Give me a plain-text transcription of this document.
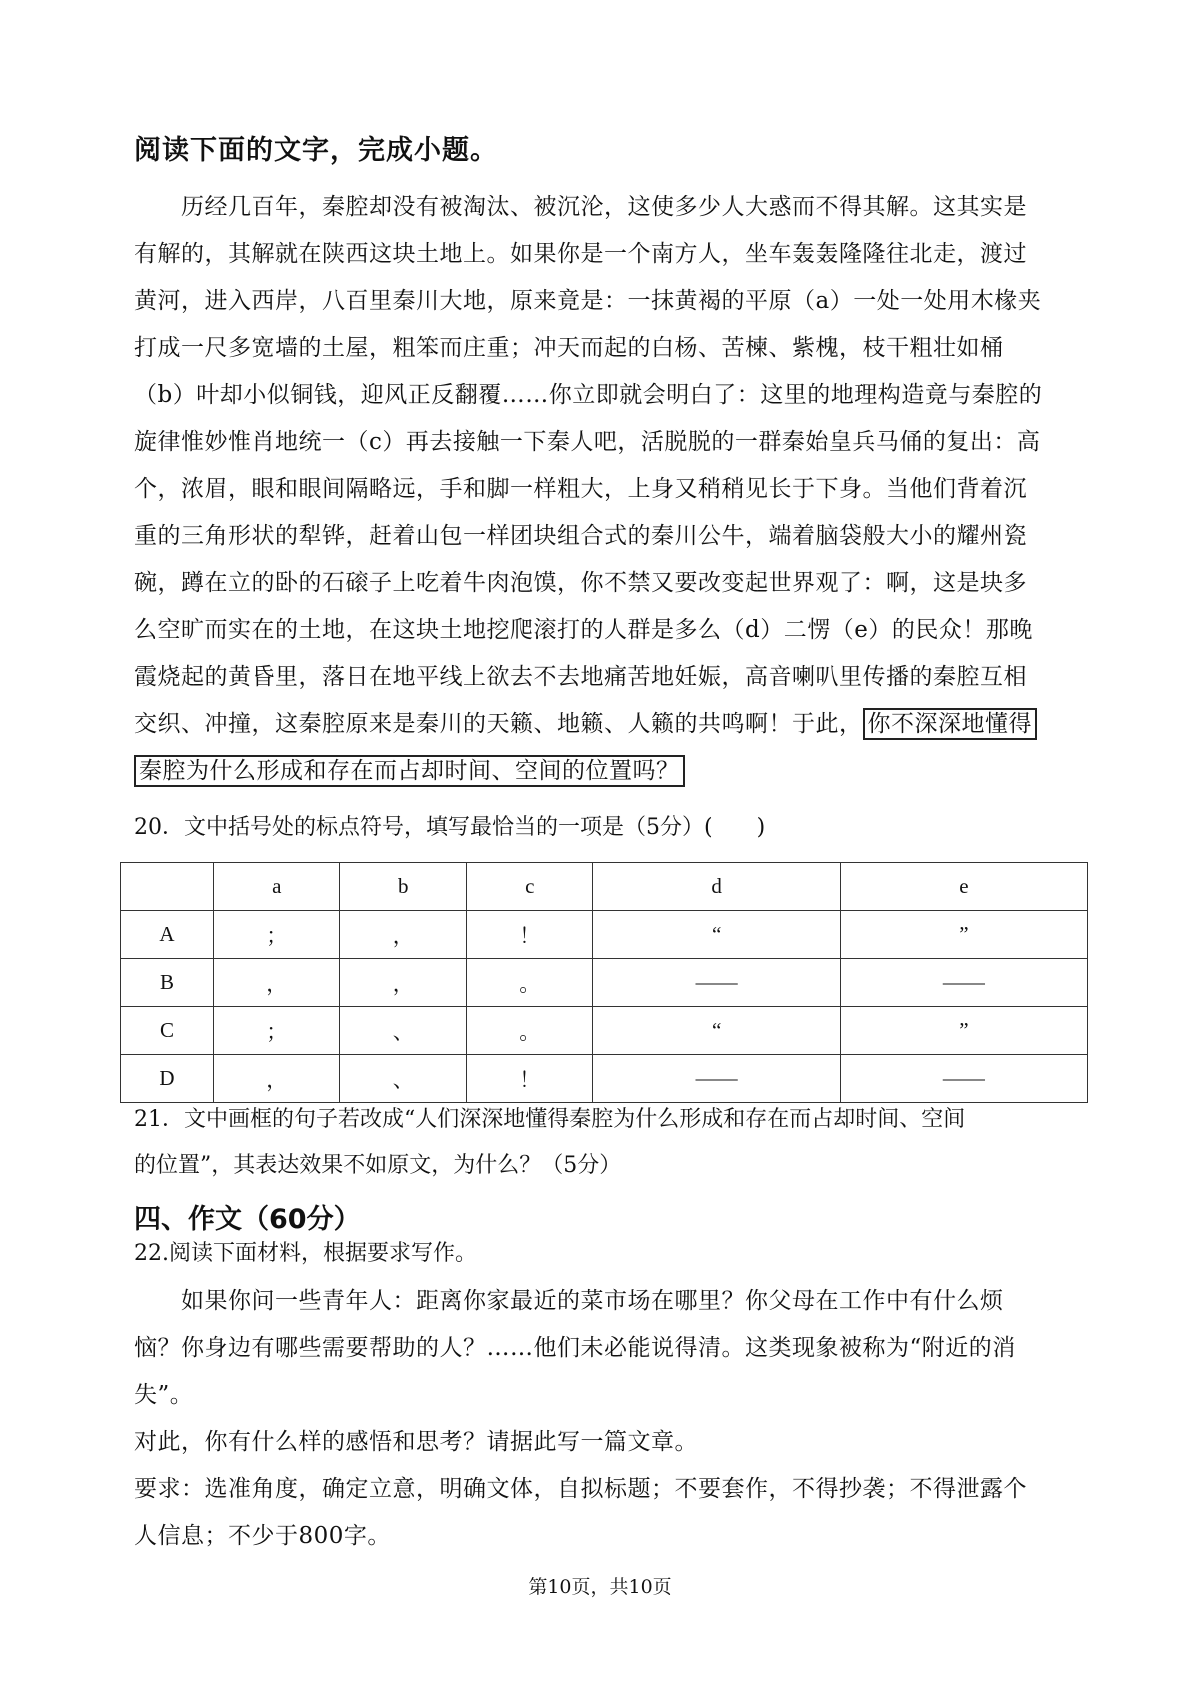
阅读下面的文字，完成小题。
　　历经几百年，秦腔却没有被淘汰、被沉沦，这使多少人大惑而不得其解。这其实是
有解的，其解就在陕西这块土地上。如果你是一个南方人，坐车轰轰隆隆往北走，渡过
黄河，进入西岸，八百里秦川大地，原来竟是：一抹黄褐的平原（a）一处一处用木椽夹
打成一尺多宽墙的土屋，粗笨而庄重；冲天而起的白杨、苦楝、紫槐，枝干粗壮如桶
（b）叶却小似铜钱，迎风正反翻覆……你立即就会明白了：这里的地理构造竟与秦腔的
旋律惟妙惟肖地统一（c）再去接触一下秦人吧，活脱脱的一群秦始皇兵马俑的复出：高
个，浓眉，眼和眼间隔略远，手和脚一样粗大，上身又稍稍见长于下身。当他们背着沉
重的三角形状的犁铧，赶着山包一样团块组合式的秦川公牛，端着脑袋般大小的耀州瓷
碗，蹲在立的卧的石磙子上吃着牛肉泡馍，你不禁又要改变起世界观了：啊，这是块多
么空旷而实在的土地，在这块土地挖爬滚打的人群是多么（d）二愣（e）的民众！那晚
霞烧起的黄昏里，落日在地平线上欲去不去地痛苦地妊娠，高音喇叭里传播的秦腔互相
交织、冲撞，这秦腔原来是秦川的天籁、地籁、人籁的共鸣啊！于此， 你不深深地懂得
秦腔为什么形成和存在而占却时间、空间的位置吗？
20．文中括号处的标点符号，填写最恰当的一项是（5分）(　　)
	a	b	c	d	e
A	；	，	！	“	”
B	，	，	。	——	——
C	；	、	。	“	”
D	，	、	！	——	——
21．文中画框的句子若改成“人们深深地懂得秦腔为什么形成和存在而占却时间、空间
的位置”，其表达效果不如原文，为什么？（5分）
四、作文（60分）
22.阅读下面材料，根据要求写作。
　　如果你问一些青年人：距离你家最近的菜市场在哪里？你父母在工作中有什么烦
恼？你身边有哪些需要帮助的人？……他们未必能说得清。这类现象被称为“附近的消
失”。
对此，你有什么样的感悟和思考？请据此写一篇文章。
要求：选准角度，确定立意，明确文体，自拟标题；不要套作，不得抄袭；不得泄露个
人信息；不少于800字。
第10页，共10页
